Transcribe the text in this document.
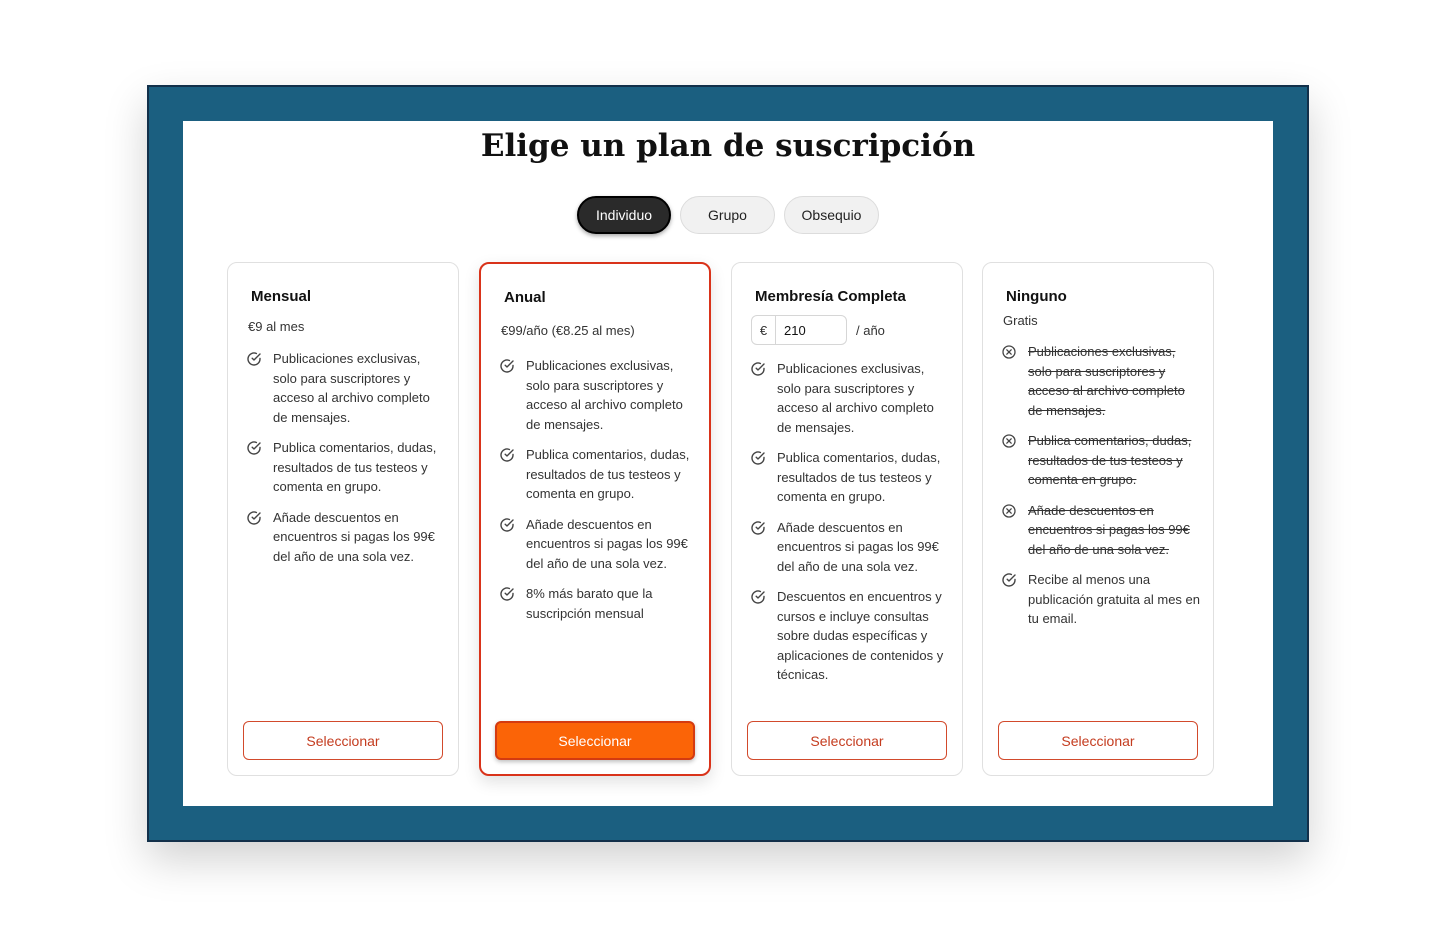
Elige un plan de suscripción
Individuo	Grupo	Obsequio
Mensual
€9 al mes
Publicaciones exclusivas, solo para suscriptores y acceso al archivo completo de mensajes.
Publica comentarios, dudas, resultados de tus testeos y comenta en grupo.
Añade descuentos en encuentros si pagas los 99€ del año de una sola vez.
Seleccionar
Anual
€99/año (€8.25 al mes)
Publicaciones exclusivas, solo para suscriptores y acceso al archivo completo de mensajes.
Publica comentarios, dudas, resultados de tus testeos y comenta en grupo.
Añade descuentos en encuentros si pagas los 99€ del año de una sola vez.
8% más barato que la suscripción mensual
Seleccionar
Membresía Completa
€
210	/ año
Publicaciones exclusivas, solo para suscriptores y acceso al archivo completo de mensajes.
Publica comentarios, dudas, resultados de tus testeos y comenta en grupo.
Añade descuentos en encuentros si pagas los 99€ del año de una sola vez.
Descuentos en encuentros y cursos e incluye consultas sobre dudas específicas y aplicaciones de contenidos y técnicas.
Seleccionar
Ninguno
Gratis
Publicaciones exclusivas, solo para suscriptores y acceso al archivo completo de mensajes.
Publica comentarios, dudas, resultados de tus testeos y comenta en grupo.
Añade descuentos en encuentros si pagas los 99€ del año de una sola vez.
Recibe al menos una publicación gratuita al mes en tu email.
Seleccionar
